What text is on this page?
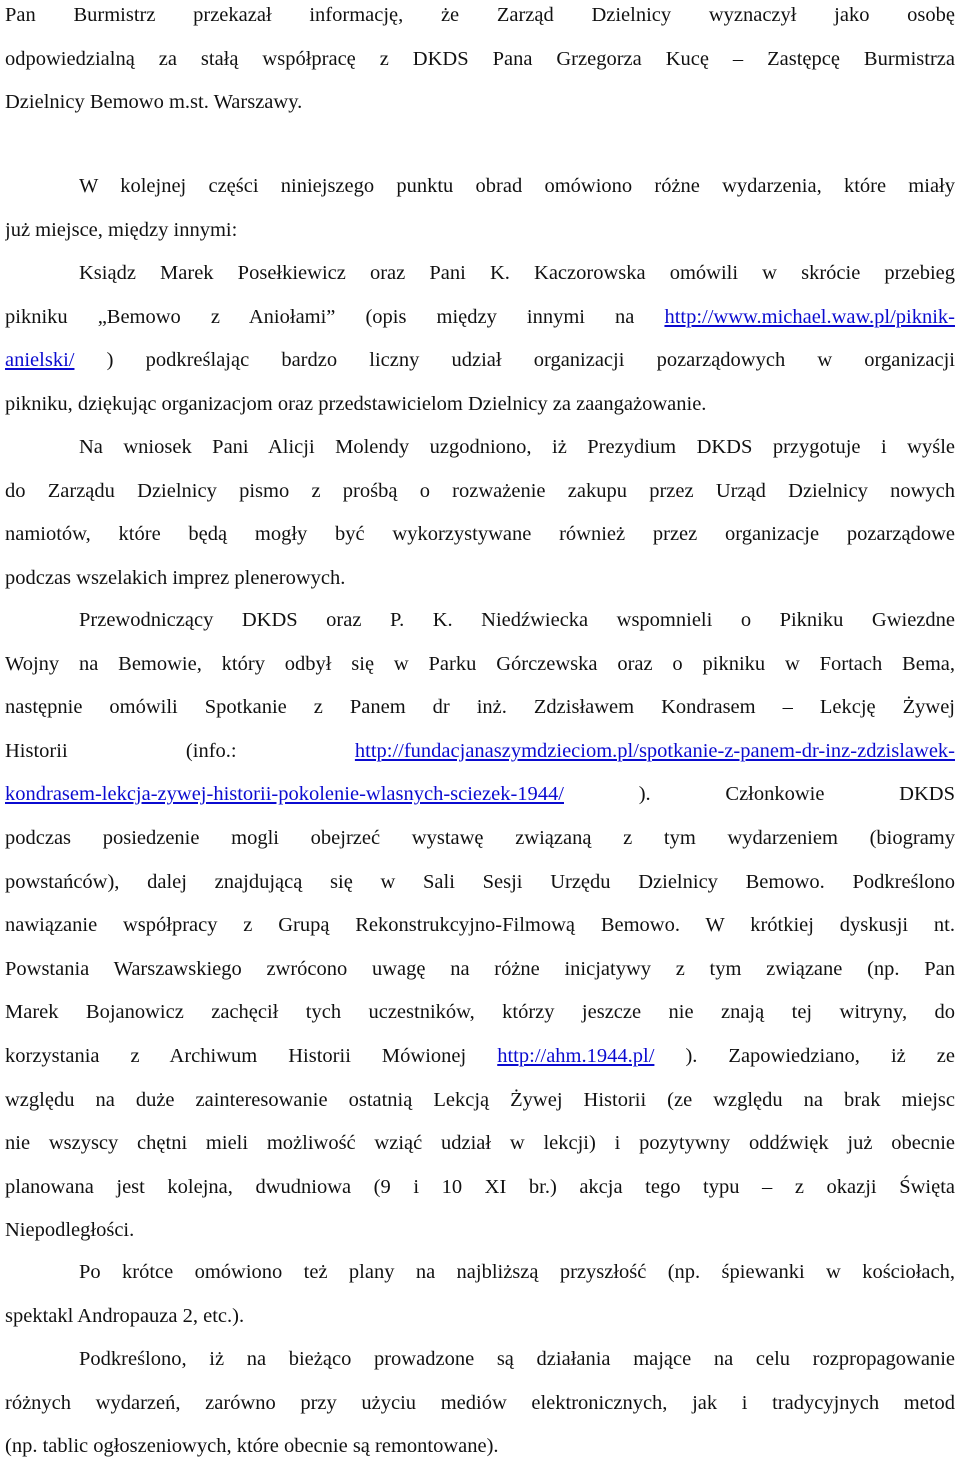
Pan Burmistrz przekazał informację, że Zarząd Dzielnicy wyznaczył jako osobę
odpowiedzialną za stałą współpracę z DKDS Pana Grzegorza Kucę – Zastępcę Burmistrza
Dzielnicy Bemowo m.st. Warszawy.
W kolejnej części niniejszego punktu obrad omówiono różne wydarzenia, które miały
już miejsce, między innymi:
Ksiądz Marek Posełkiewicz oraz Pani K. Kaczorowska omówili w skrócie przebieg
pikniku „Bemowo z Aniołami” (opis między innymi na http://www.michael.waw.pl/piknik-
anielski/ ) podkreślając bardzo liczny udział organizacji pozarządowych w organizacji
pikniku, dziękując organizacjom oraz przedstawicielom Dzielnicy za zaangażowanie.
Na wniosek Pani Alicji Molendy uzgodniono, iż Prezydium DKDS przygotuje i wyśle
do Zarządu Dzielnicy pismo z prośbą o rozważenie zakupu przez Urząd Dzielnicy nowych
namiotów, które będą mogły być wykorzystywane również przez organizacje pozarządowe
podczas wszelakich imprez plenerowych.
Przewodniczący DKDS oraz P. K. Niedźwiecka wspomnieli o Pikniku Gwiezdne
Wojny na Bemowie, który odbył się w Parku Górczewska oraz o pikniku w Fortach Bema,
następnie omówili Spotkanie z Panem dr inż. Zdzisławem Kondrasem – Lekcję Żywej
Historii (info.: http://fundacjanaszymdzieciom.pl/spotkanie-z-panem-dr-inz-zdzislawek-
kondrasem-lekcja-zywej-historii-pokolenie-wlasnych-sciezek-1944/ ). Członkowie DKDS
podczas posiedzenie mogli obejrzeć wystawę związaną z tym wydarzeniem (biogramy
powstańców), dalej znajdującą się w Sali Sesji Urzędu Dzielnicy Bemowo. Podkreślono
nawiązanie współpracy z Grupą Rekonstrukcyjno-Filmową Bemowo. W krótkiej dyskusji nt.
Powstania Warszawskiego zwrócono uwagę na różne inicjatywy z tym związane (np. Pan
Marek Bojanowicz zachęcił tych uczestników, którzy jeszcze nie znają tej witryny, do
korzystania z Archiwum Historii Mówionej http://ahm.1944.pl/ ). Zapowiedziano, iż ze
względu na duże zainteresowanie ostatnią Lekcją Żywej Historii (ze względu na brak miejsc
nie wszyscy chętni mieli możliwość wziąć udział w lekcji) i pozytywny oddźwięk już obecnie
planowana jest kolejna, dwudniowa (9 i 10 XI br.) akcja tego typu – z okazji Święta
Niepodległości.
Po krótce omówiono też plany na najbliższą przyszłość (np. śpiewanki w kościołach,
spektakl Andropauza 2, etc.).
Podkreślono, iż na bieżąco prowadzone są działania mające na celu rozpropagowanie
różnych wydarzeń, zarówno przy użyciu mediów elektronicznych, jak i tradycyjnych metod
(np. tablic ogłoszeniowych, które obecnie są remontowane).
